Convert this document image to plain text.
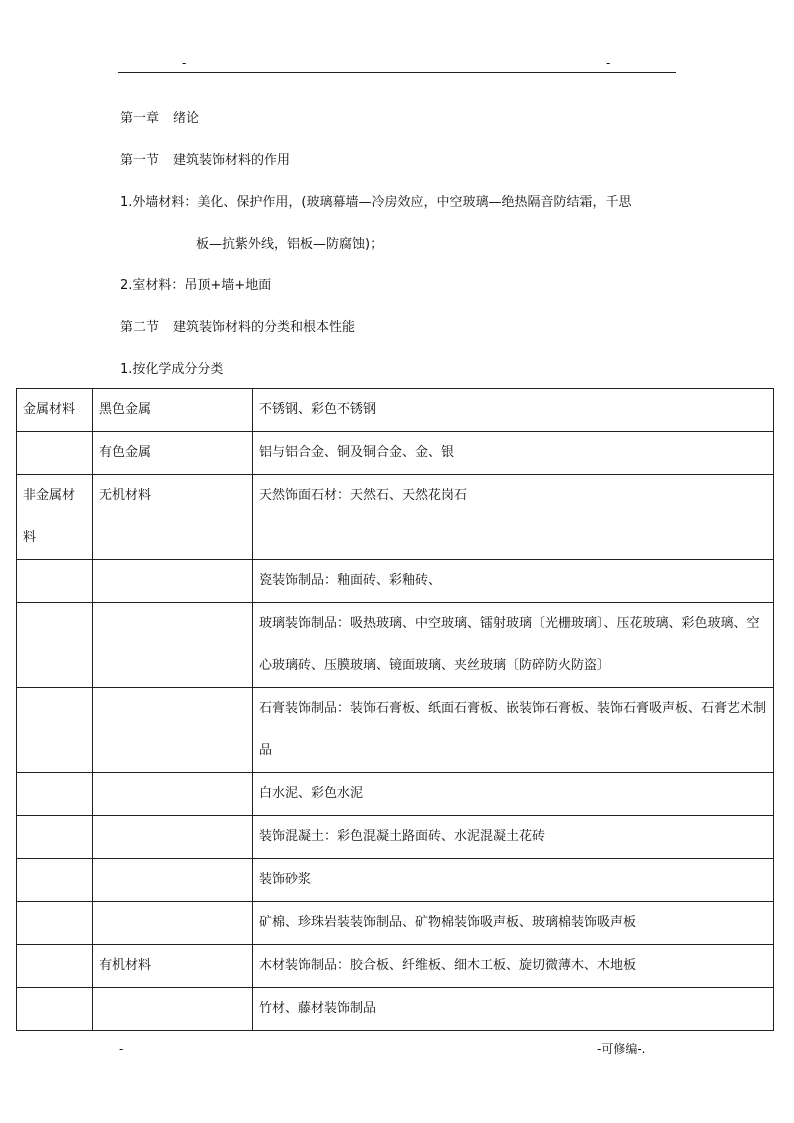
-	-
第一章 绪论
第一节 建筑装饰材料的作用
1.外墙材料：美化、保护作用，(玻璃幕墙—冷房效应，中空玻璃—绝热隔音防结霜，千思
板—抗紫外线，铝板—防腐蚀)；
2.室材料：吊顶+墙+地面
第二节 建筑装饰材料的分类和根本性能
1.按化学成分分类
金属材料	黑色金属	不锈钢、彩色不锈钢
	有色金属	铝与铝合金、铜及铜合金、金、银
非金属材料	无机材料	天然饰面石材：天然石、天然花岗石
		瓷装饰制品：釉面砖、彩釉砖、
		玻璃装饰制品：吸热玻璃、中空玻璃、镭射玻璃〔光栅玻璃〕、压花玻璃、彩色玻璃、空心玻璃砖、压膜玻璃、镜面玻璃、夹丝玻璃〔防碎防火防盗〕
		石膏装饰制品：装饰石膏板、纸面石膏板、嵌装饰石膏板、装饰石膏吸声板、石膏艺术制品
		白水泥、彩色水泥
		装饰混凝土：彩色混凝土路面砖、水泥混凝土花砖
		装饰砂浆
		矿棉、珍珠岩装装饰制品、矿物棉装饰吸声板、玻璃棉装饰吸声板
	有机材料	木材装饰制品：胶合板、纤维板、细木工板、旋切微薄木、木地板
		竹材、藤材装饰制品
-	-可修编-.
